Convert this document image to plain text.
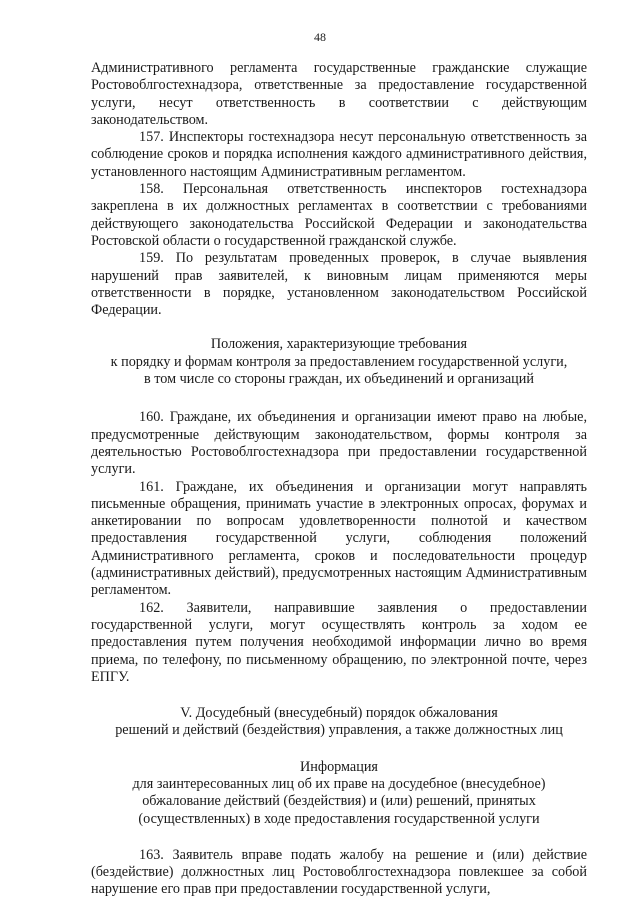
48

Административного регламента государственные гражданские служащие Ростовоблгостехнадзора, ответственные за предоставление государственной услуги, несут ответственность в соответствии с действующим законодательством.

157. Инспекторы гостехнадзора несут персональную ответственность за соблюдение сроков и порядка исполнения каждого административного действия, установленного настоящим Административным регламентом.

158. Персональная ответственность инспекторов гостехнадзора закреплена в их должностных регламентах в соответствии с требованиями действующего законодательства Российской Федерации и законодательства Ростовской области о государственной гражданской службе.

159. По результатам проведенных проверок, в случае выявления нарушений прав заявителей, к виновным лицам применяются меры ответственности в порядке, установленном законодательством Российской Федерации.

Положения, характеризующие требования

к порядку и формам контроля за предоставлением государственной услуги,

в том числе со стороны граждан, их объединений и организаций

160. Граждане, их объединения и организации имеют право на любые, предусмотренные действующим законодательством, формы контроля за деятельностью Ростовоблгостехнадзора при предоставлении государственной услуги.

161. Граждане, их объединения и организации могут направлять письменные обращения, принимать участие в электронных опросах, форумах и анкетировании по вопросам удовлетворенности полнотой и качеством предоставления государственной услуги, соблюдения положений Административного регламента, сроков и последовательности процедур (административных действий), предусмотренных настоящим Административным регламентом.

162. Заявители, направившие заявления о предоставлении государственной услуги, могут осуществлять контроль за ходом ее предоставления путем получения необходимой информации лично во время приема, по телефону, по письменному обращению, по электронной почте, через ЕПГУ.

V. Досудебный (внесудебный) порядок обжалования

решений и действий (бездействия) управления, а также должностных лиц

Информация

для заинтересованных лиц об их праве на досудебное (внесудебное)

обжалование действий (бездействия) и (или) решений, принятых

(осуществленных) в ходе предоставления государственной услуги

163. Заявитель вправе подать жалобу на решение и (или) действие (бездействие) должностных лиц Ростовоблгостехнадзора повлекшее за собой нарушение его прав при предоставлении государственной услуги,
